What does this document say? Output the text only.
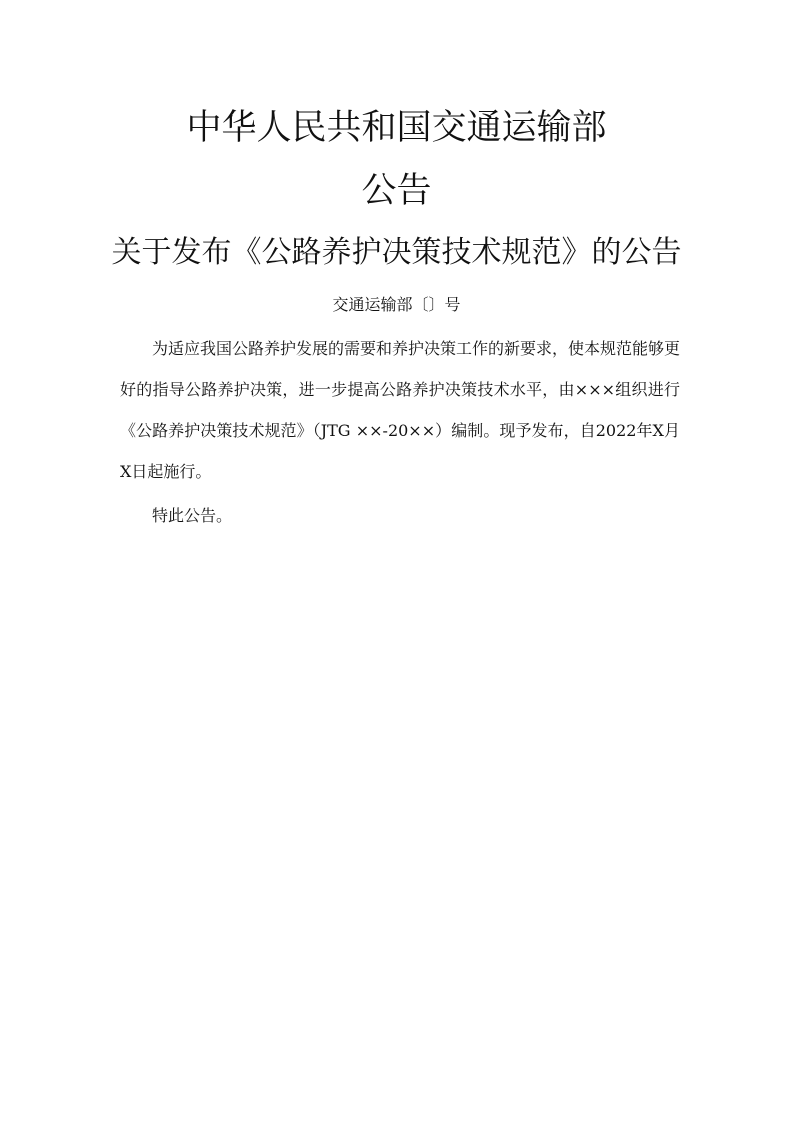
中华人民共和国交通运输部
公告
关于发布《公路养护决策技术规范》的公告
交通运输部〔〕号

为适应我国公路养护发展的需要和养护决策工作的新要求，使本规范能够更好的指导公路养护决策，进一步提高公路养护决策技术水平，由×××组织进行《公路养护决策技术规范》（JTG ××-20××）编制。现予发布，自2022年X月X日起施行。

特此公告。
